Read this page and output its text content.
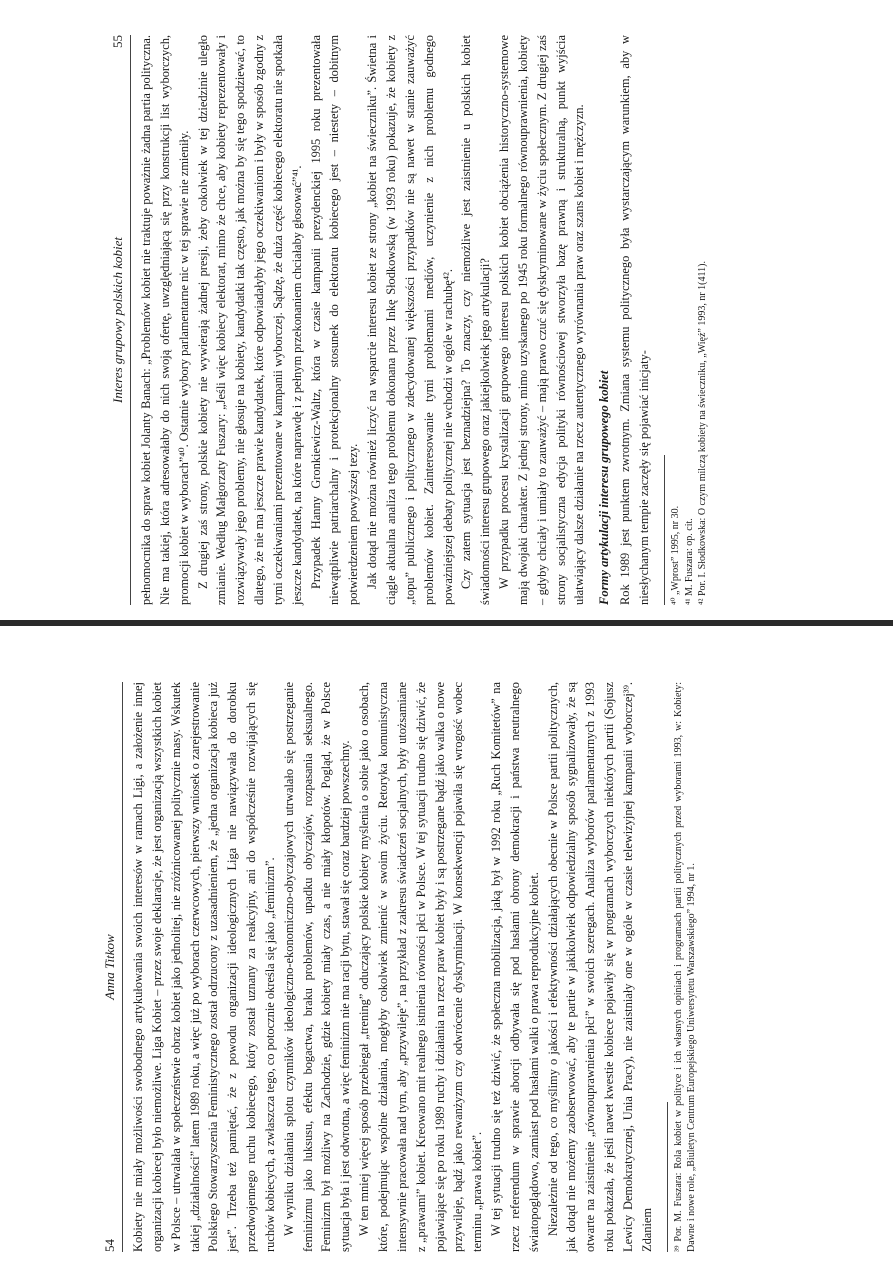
54
Anna Titkow Kobiety nie miały możliwości swobodnego artykułowania swoich interesów w ramach Ligi, a założenie innej organizacji kobiecej było niemożliwe. Liga Kobiet – przez swoje deklaracje, że jest organizacją wszystkich kobiet w Polsce – utrwalała w społeczeństwie obraz kobiet jako jednolitej, nie zróżnicowanej politycznie masy. Wskutek takiej „działalności” latem 1989 roku, a więc już po wyborach czerwcowych, pierwszy wniosek o zarejestrowanie Polskiego Stowarzyszenia Feministycznego został odrzucony z uzasadnieniem, że „jedna organizacja kobieca już jest”. Trzeba też pamiętać, że z powodu organizacji ideologicznych Liga nie nawiązywała do dorobku przedwojennego ruchu kobiecego, który został uznany za reakcyjny, ani do współcześnie rozwijających się ruchów kobiecych, a zwłaszcza tego, co potocznie określa się jako „feminizm”. W wyniku działania splotu czynników ideologiczno-ekonomiczno-obyczajowych utrwalało się postrzeganie feminizmu jako luksusu, efektu bogactwa, braku problemów, upadku obyczajów, rozpasania seksualnego. Feminizm był możliwy na Zachodzie, gdzie kobiety miały czas, a nie miały kłopotów. Pogląd, że w Polsce sytuacja była i jest odwrotna, a więc feminizm nie ma racji bytu, stawał się coraz bardziej powszechny. W ten mniej więcej sposób przebiegał „trening” oduczający polskie kobiety myślenia o sobie jako o osobach, które, podejmując wspólne działania, mogłyby cokolwiek zmienić w swoim życiu. Retoryka komunistyczna intensywnie pracowała nad tym, aby „przywileje”, na przykład z zakresu świadczeń socjalnych, były utożsamiane z „prawami” kobiet. Kreowano mit realnego istnienia równości płci w Polsce. W tej sytuacji trudno się dziwić, że pojawiające się po roku 1989 ruchy i działania na rzecz praw kobiet były i są postrzegane bądź jako walka o nowe przywileje, bądź jako rewanżyzm czy odwrócenie dyskryminacji. W konsekwencji pojawiła się wrogość wobec terminu „prawa kobiet”. W tej sytuacji trudno się też dziwić, że społeczna mobilizacja, jaką był w 1992 roku „Ruch Komitetów” na rzecz referendum w sprawie aborcji odbywała się pod hasłami obrony demokracji i państwa neutralnego światopoglądowo, zamiast pod hasłami walki o prawa reprodukcyjne kobiet. Niezależnie od tego, co myślimy o jakości i efektywności działających obecnie w Polsce partii politycznych, jak dotąd nie możemy zaobserwować, aby te partie w jakikolwiek odpowiedzialny sposób sygnalizowały, że są otwarte na zaistnienie „równouprawnienia płci” w swoich szeregach. Analiza wyborów parlamentarnych z 1993 roku pokazała, że jeśli nawet kwestie kobiece pojawiły się w programach wyborczych niektórych partii (Sojusz Lewicy Demokratycznej, Unia Pracy), nie zaistniały one w ogóle w czasie telewizyjnej kampanii wyborczej³⁹. Zdaniem ³⁹ Por. M. Fuszara: Rola kobiet w polityce i ich własnych opiniach i programach partii politycznych przed wyborami 1993, w: Kobiety: Dawne i nowe role, „Biuletyn Centrum Europejskiego Uniwersytetu Warszawskiego” 1994, nr 1.

Interes grupowy polskich kobiet
55 pełnomocnika do spraw kobiet Jolanty Banach: „Problemów kobiet nie traktuje poważnie żadna partia polityczna. Nie ma takiej, która adresowałaby do nich swoją ofertę, uwzględniającą się przy konstrukcji list wyborczych, promocji kobiet w wyborach”⁴⁰. Ostatnie wybory parlamentarne nic w tej sprawie nie zmieniły. Z drugiej zaś strony, polskie kobiety nie wywierają żadnej presji, żeby cokolwiek w tej dziedzinie uległo zmianie. Według Małgorzaty Fuszary: „Jeśli więc kobiecy elektorat, mimo że chce, aby kobiety reprezentowały i rozwiązywały jego problemy, nie głosuje na kobiety, kandydatki tak często, jak można by się tego spodziewać, to dlatego, że nie ma jeszcze prawie kandydatek, które odpowiadałyby jego oczekiwaniom i były w sposób zgodny z tymi oczekiwaniami prezentowane w kampanii wyborczej. Sądzę, że duża część kobiecego elektoratu nie spotkała jeszcze kandydatek, na które naprawdę i z pełnym przekonaniem chciałaby głosować”⁴¹. Przypadek Hanny Gronkiewicz-Waltz, która w czasie kampanii prezydenckiej 1995 roku prezentowała niewątpliwie patriarchalny i protekcjonalny stosunek do elektoratu kobiecego jest – niestety – dobitnym potwierdzeniem powyższej tezy. Jak dotąd nie można również liczyć na wsparcie interesu kobiet ze strony „kobiet na świeczniku”. Świetna i ciągle aktualna analiza tego problemu dokonana przez Inkę Słodkowską (w 1993 roku) pokazuje, że kobiety z „topu” publicznego i politycznego w zdecydowanej większości przypadków nie są nawet w stanie zauważyć problemów kobiet. Zainteresowanie tymi problemami mediów, uczynienie z nich problemu godnego poważniejszej debaty politycznej nie wchodzi w ogóle w rachubę⁴². Czy zatem sytuacja jest beznadziejna? To znaczy, czy niemożliwe jest zaistnienie u polskich kobiet świadomości interesu grupowego oraz jakiejkolwiek jego artykulacji? W przypadku procesu krystalizacji grupowego interesu polskich kobiet obciążenia historyczno-systemowe mają dwojaki charakter. Z jednej strony, mimo uzyskanego po 1945 roku formalnego równouprawnienia, kobiety – gdyby chciały i umiały to zauważyć – mają prawo czuć się dyskryminowane w życiu społecznym. Z drugiej zaś strony socjalistyczna edycja polityki równościowej stworzyła bazę prawną i strukturalną, punkt wyjścia ułatwiający dalsze działanie na rzecz autentycznego wyrównania praw oraz szans kobiet i mężczyzn. Formy artykulacji interesu grupowego kobiet Rok 1989 jest punktem zwrotnym. Zmiana systemu politycznego była wystarczającym warunkiem, aby w niesłychanym tempie zaczęły się pojawiać inicjaty- ⁴⁰ „Wprost” 1995, nr 30. ⁴¹ M. Fuszara: op. cit. ⁴² Por. I. Słodkowska: O czym milczą kobiety na świeczniku, „Więź” 1993, nr 1(411).
